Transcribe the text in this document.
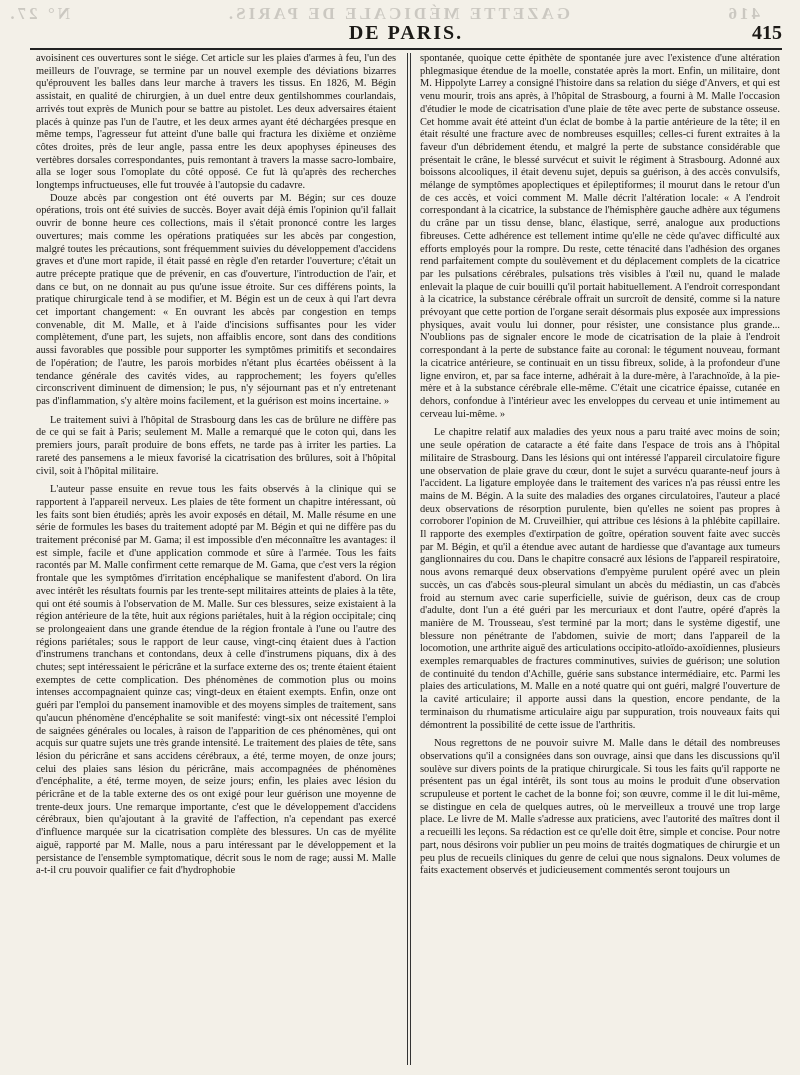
416
GAZETTE MÉDICALE DE PARIS.
N° 27.
DE PARIS.	415

avoisinent ces ouvertures sont le siége. Cet article sur les plaies d'armes à feu, l'un des meilleurs de l'ouvrage, se termine par un nouvel exemple des déviations bizarres qu'éprouvent les balles dans leur marche à travers les tissus. En 1826, M. Bégin assistait, en qualité de chirurgien, à un duel entre deux gentilshommes courlandais, arrivés tout exprès de Munich pour se battre au pistolet. Les deux adversaires étaient placés à quinze pas l'un de l'autre, et les deux armes ayant été déchargées presque en même temps, l'agresseur fut atteint d'une balle qui fractura les dixième et onzième côtes droites, près de leur angle, passa entre les deux apophyses épineuses des vertèbres dorsales correspondantes, puis remontant à travers la masse sacro-lombaire, alla se loger sous l'omoplate du côté opposé. Ce fut là qu'après des recherches longtemps infructueuses, elle fut trouvée à l'autopsie du cadavre.

Douze abcès par congestion ont été ouverts par M. Bégin; sur ces douze opérations, trois ont été suivies de succès. Boyer avait déjà émis l'opinion qu'il fallait ouvrir de bonne heure ces collections, mais il s'était prononcé contre les larges ouvertures; mais comme les opérations pratiquées sur les abcès par congestion, malgré toutes les précautions, sont fréquemment suivies du développement d'accidens graves et d'une mort rapide, il était passé en règle d'en retarder l'ouverture; c'était un autre précepte pratique que de prévenir, en cas d'ouverture, l'introduction de l'air, et dans ce but, on ne donnait au pus qu'une issue étroite. Sur ces différens points, la pratique chirurgicale tend à se modifier, et M. Bégin est un de ceux à qui l'art devra cet important changement: « En ouvrant les abcès par congestion en temps convenable, dit M. Malle, et à l'aide d'incisions suffisantes pour les vider complètement, d'une part, les sujets, non affaiblis encore, sont dans des conditions aussi favorables que possible pour supporter les symptômes primitifs et secondaires de l'opération; de l'autre, les parois morbides n'étant plus écartées obéissent à la tendance générale des cavités vides, au rapprochement; les foyers qu'elles circonscrivent diminuent de dimension; le pus, n'y séjournant pas et n'y entretenant pas d'inflammation, s'y altère moins facilement, et la guérison est moins incertaine. »

Le traitement suivi à l'hôpital de Strasbourg dans les cas de brûlure ne diffère pas de ce qui se fait à Paris; seulement M. Malle a remarqué que le coton qui, dans les premiers jours, paraît produire de bons effets, ne tarde pas à irriter les parties. La rareté des pansemens a le mieux favorisé la cicatrisation des brûlures, soit à l'hôpital civil, soit à l'hôpital militaire.

L'auteur passe ensuite en revue tous les faits observés à la clinique qui se rapportent à l'appareil nerveux. Les plaies de tête forment un chapitre intéressant, où les faits sont bien étudiés; après les avoir exposés en détail, M. Malle résume en une série de formules les bases du traitement adopté par M. Bégin et qui ne diffère pas du traitement préconisé par M. Gama; il est impossible d'en méconnaître les avantages: il est simple, facile et d'une application commode et sûre à l'armée. Tous les faits racontés par M. Malle confirment cette remarque de M. Gama, que c'est vers la région frontale que les symptômes d'irritation encéphalique se manifestent d'abord. On lira avec intérêt les résultats fournis par les trente-sept militaires atteints de plaies à la tête, qui ont été soumis à l'observation de M. Malle. Sur ces blessures, seize existaient à la région antérieure de la tête, huit aux régions pariétales, huit à la région occipitale; cinq se prolongeaient dans une grande étendue de la région frontale à l'une ou l'autre des régions pariétales; sous le rapport de leur cause, vingt-cinq étaient dues à l'action d'instrumens tranchans et contondans, deux à celle d'instrumens piquans, dix à des chutes; sept intéressaient le péricrâne et la surface externe des os; trente étaient étaient exemptes de cette complication. Des phénomènes de commotion plus ou moins intenses accompagnaient quinze cas; vingt-deux en étaient exempts. Enfin, onze ont guéri par l'emploi du pansement inamovible et des moyens simples de traitement, sans qu'aucun phénomène d'encéphalite se soit manifesté: vingt-six ont nécessité l'emploi de saignées générales ou locales, à raison de l'apparition de ces phénomènes, qui ont acquis sur quatre sujets une très grande intensité. Le traitement des plaies de tête, sans lésion du péricrâne et sans accidens cérébraux, a été, terme moyen, de onze jours; celui des plaies sans lésion du péricrâne, mais accompagnées de phénomènes d'encéphalite, a été, terme moyen, de seize jours; enfin, les plaies avec lésion du péricrâne et de la table externe des os ont exigé pour leur guérison une moyenne de trente-deux jours. Une remarque importante, c'est que le développement d'accidens cérébraux, bien qu'ajoutant à la gravité de l'affection, n'a cependant pas exercé d'influence marquée sur la cicatrisation complète des blessures. Un cas de myélite aiguë, rapporté par M. Malle, nous a paru intéressant par le développement et la persistance de l'ensemble symptomatique, décrit sous le nom de rage; aussi M. Malle a-t-il cru pouvoir qualifier ce fait d'hydrophobie

spontanée, quoique cette épithète de spontanée jure avec l'existence d'une altération phlegmasique étendue de la moelle, constatée après la mort. Enfin, un militaire, dont M. Hippolyte Larrey a consigné l'histoire dans sa relation du siége d'Anvers, et qui est venu mourir, trois ans après, à l'hôpital de Strasbourg, a fourni à M. Malle l'occasion d'étudier le mode de cicatrisation d'une plaie de tête avec perte de substance osseuse. Cet homme avait été atteint d'un éclat de bombe à la partie antérieure de la tête; il en était résulté une fracture avec de nombreuses esquilles; celles-ci furent extraites à la faveur d'un débridement étendu, et malgré la perte de substance considérable que présentait le crâne, le blessé survécut et suivit le régiment à Strasbourg. Adonné aux boissons alcooliques, il était devenu sujet, depuis sa guérison, à des accès convulsifs, mélange de symptômes apoplectiques et épileptiformes; il mourut dans le retour d'un de ces accès, et voici comment M. Malle décrit l'altération locale: « A l'endroit correspondant à la cicatrice, la substance de l'hémisphère gauche adhère aux tégumens du crâne par un tissu dense, blanc, élastique, serré, analogue aux productions fibreuses. Cette adhérence est tellement intime qu'elle ne cède qu'avec difficulté aux efforts employés pour la rompre. Du reste, cette ténacité dans l'adhésion des organes rend parfaitement compte du soulèvement et du déplacement complets de la cicatrice par les pulsations cérébrales, pulsations très visibles à l'œil nu, quand le malade enlevait la plaque de cuir bouilli qu'il portait habituellement. A l'endroit correspondant à la cicatrice, la substance cérébrale offrait un surcroît de densité, comme si la nature prévoyant que cette portion de l'organe serait désormais plus exposée aux impressions physiques, avait voulu lui donner, pour résister, une consistance plus grande... N'oublions pas de signaler encore le mode de cicatrisation de la plaie à l'endroit correspondant à la perte de substance faite au coronal: le tégument nouveau, formant la cicatrice antérieure, se continuait en un tissu fibreux, solide, à la profondeur d'une ligne environ, et, par sa face interne, adhérait à la dure-mère, à l'arachnoïde, à la pie-mère et à la substance cérébrale elle-même. C'était une cicatrice épaisse, cutanée en dehors, confondue à l'intérieur avec les enveloppes du cerveau et unie intimement au cerveau lui-même. »

Le chapitre relatif aux maladies des yeux nous a paru traité avec moins de soin; une seule opération de cataracte a été faite dans l'espace de trois ans à l'hôpital militaire de Strasbourg. Dans les lésions qui ont intéressé l'appareil circulatoire figure une observation de plaie grave du cœur, dont le sujet a survécu quarante-neuf jours à l'accident. La ligature employée dans le traitement des varices n'a pas réussi entre les mains de M. Bégin. A la suite des maladies des organes circulatoires, l'auteur a placé deux observations de résorption purulente, bien qu'elles ne soient pas propres à corroborer l'opinion de M. Cruveilhier, qui attribue ces lésions à la phlébite capillaire. Il rapporte des exemples d'extirpation de goître, opération souvent faite avec succès par M. Bégin, et qu'il a étendue avec autant de hardiesse que d'avantage aux tumeurs ganglionnaires du cou. Dans le chapitre consacré aux lésions de l'appareil respiratoire, nous avons remarqué deux observations d'empyème purulent opéré avec un plein succès, un cas d'abcès sous-pleural simulant un abcès du médiastin, un cas d'abcès froid au sternum avec carie superficielle, suivie de guérison, deux cas de croup d'adulte, dont l'un a été guéri par les mercuriaux et dont l'autre, opéré d'après la manière de M. Trousseau, s'est terminé par la mort; dans le système digestif, une blessure non pénétrante de l'abdomen, suivie de mort; dans l'appareil de la locomotion, une arthrite aiguë des articulations occipito-atloïdo-axoïdiennes, plusieurs exemples remarquables de fractures comminutives, suivies de guérison; une solution de continuité du tendon d'Achille, guérie sans substance intermédiaire, etc. Parmi les plaies des articulations, M. Malle en a noté quatre qui ont guéri, malgré l'ouverture de la cavité articulaire; il apporte aussi dans la question, encore pendante, de la terminaison du rhumatisme articulaire aigu par suppuration, trois nouveaux faits qui démontrent la possibilité de cette issue de l'arthritis.

Nous regrettons de ne pouvoir suivre M. Malle dans le détail des nombreuses observations qu'il a consignées dans son ouvrage, ainsi que dans les discussions qu'il soulève sur divers points de la pratique chirurgicale. Si tous les faits qu'il rapporte ne présentent pas un égal intérêt, ils sont tous au moins le produit d'une observation scrupuleuse et portent le cachet de la bonne foi; son œuvre, comme il le dit lui-même, se distingue en cela de quelques autres, où le merveilleux a trouvé une trop large place. Le livre de M. Malle s'adresse aux praticiens, avec l'autorité des maîtres dont il a recueilli les leçons. Sa rédaction est ce qu'elle doit être, simple et concise. Pour notre part, nous désirons voir publier un peu moins de traités dogmatiques de chirurgie et un peu plus de recueils cliniques du genre de celui que nous signalons. Deux volumes de faits exactement observés et judicieusement commentés seront toujours un
